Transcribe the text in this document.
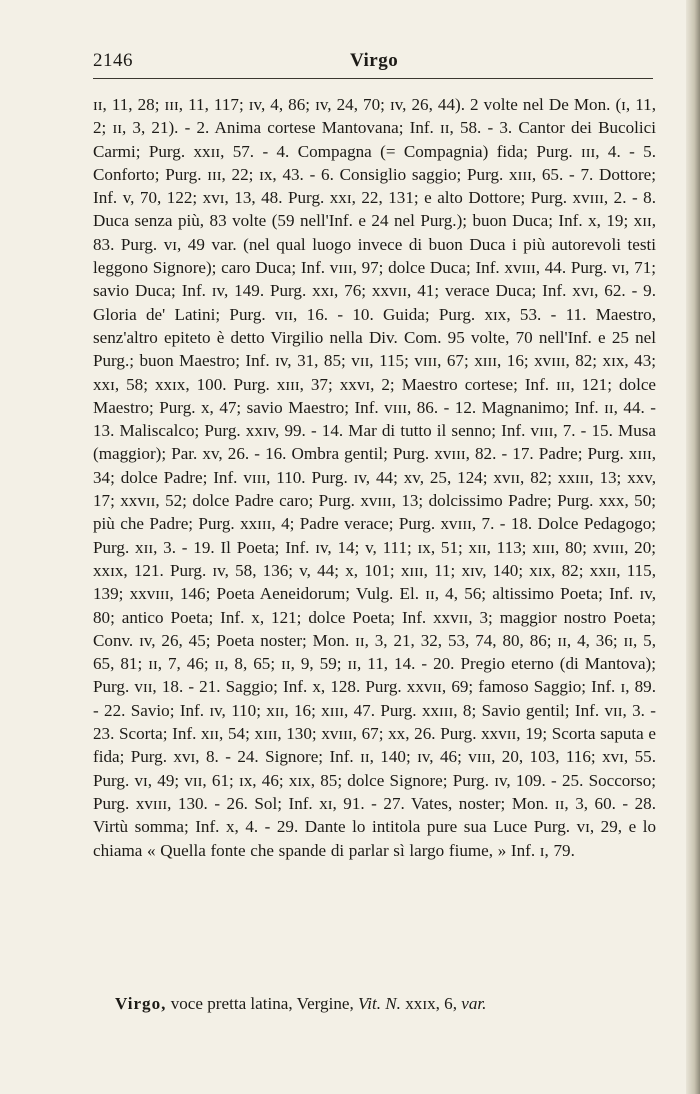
2146	Virgo

ɪɪ, 11, 28; ɪɪɪ, 11, 117; ɪv, 4, 86; ɪv, 24, 70; ɪv, 26, 44). 2 volte nel De Mon. (ɪ, 11, 2; ɪɪ, 3, 21). - 2. Anima cortese Mantovana; Inf. ɪɪ, 58. - 3. Cantor dei Bucolici Carmi; Purg. xxɪɪ, 57. - 4. Compagna (= Compagnia) fida; Purg. ɪɪɪ, 4. - 5. Conforto; Purg. ɪɪɪ, 22; ɪx, 43. - 6. Consiglio saggio; Purg. xɪɪɪ, 65. - 7. Dottore; Inf. v, 70, 122; xvɪ, 13, 48. Purg. xxɪ, 22, 131; e alto Dottore; Purg. xvɪɪɪ, 2. - 8. Duca senza più, 83 volte (59 nell'Inf. e 24 nel Purg.); buon Duca; Inf. x, 19; xɪɪ, 83. Purg. vɪ, 49 var. (nel qual luogo invece di buon Duca i più autorevoli testi leggono Signore); caro Duca; Inf. vɪɪɪ, 97; dolce Duca; Inf. xvɪɪɪ, 44. Purg. vɪ, 71; savio Duca; Inf. ɪv, 149. Purg. xxɪ, 76; xxvɪɪ, 41; verace Duca; Inf. xvɪ, 62. - 9. Gloria de' Latini; Purg. vɪɪ, 16. - 10. Guida; Purg. xɪx, 53. - 11. Maestro, senz'altro epiteto è detto Virgilio nella Div. Com. 95 volte, 70 nell'Inf. e 25 nel Purg.; buon Maestro; Inf. ɪv, 31, 85; vɪɪ, 115; vɪɪɪ, 67; xɪɪɪ, 16; xvɪɪɪ, 82; xɪx, 43; xxɪ, 58; xxɪx, 100. Purg. xɪɪɪ, 37; xxvɪ, 2; Maestro cortese; Inf. ɪɪɪ, 121; dolce Maestro; Purg. x, 47; savio Maestro; Inf. vɪɪɪ, 86. - 12. Magnanimo; Inf. ɪɪ, 44. - 13. Maliscalco; Purg. xxɪv, 99. - 14. Mar di tutto il senno; Inf. vɪɪɪ, 7. - 15. Musa (maggior); Par. xv, 26. - 16. Ombra gentil; Purg. xvɪɪɪ, 82. - 17. Padre; Purg. xɪɪɪ, 34; dolce Padre; Inf. vɪɪɪ, 110. Purg. ɪv, 44; xv, 25, 124; xvɪɪ, 82; xxɪɪɪ, 13; xxv, 17; xxvɪɪ, 52; dolce Padre caro; Purg. xvɪɪɪ, 13; dolcissimo Padre; Purg. xxx, 50; più che Padre; Purg. xxɪɪɪ, 4; Padre verace; Purg. xvɪɪɪ, 7. - 18. Dolce Pedagogo; Purg. xɪɪ, 3. - 19. Il Poeta; Inf. ɪv, 14; v, 111; ɪx, 51; xɪɪ, 113; xɪɪɪ, 80; xvɪɪɪ, 20; xxɪx, 121. Purg. ɪv, 58, 136; v, 44; x, 101; xɪɪɪ, 11; xɪv, 140; xɪx, 82; xxɪɪ, 115, 139; xxvɪɪɪ, 146; Poeta Aeneidorum; Vulg. El. ɪɪ, 4, 56; altissimo Poeta; Inf. ɪv, 80; antico Poeta; Inf. x, 121; dolce Poeta; Inf. xxvɪɪ, 3; maggior nostro Poeta; Conv. ɪv, 26, 45; Poeta noster; Mon. ɪɪ, 3, 21, 32, 53, 74, 80, 86; ɪɪ, 4, 36; ɪɪ, 5, 65, 81; ɪɪ, 7, 46; ɪɪ, 8, 65; ɪɪ, 9, 59; ɪɪ, 11, 14. - 20. Pregio eterno (di Mantova); Purg. vɪɪ, 18. - 21. Saggio; Inf. x, 128. Purg. xxvɪɪ, 69; famoso Saggio; Inf. ɪ, 89. - 22. Savio; Inf. ɪv, 110; xɪɪ, 16; xɪɪɪ, 47. Purg. xxɪɪɪ, 8; Savio gentil; Inf. vɪɪ, 3. - 23. Scorta; Inf. xɪɪ, 54; xɪɪɪ, 130; xvɪɪɪ, 67; xx, 26. Purg. xxvɪɪ, 19; Scorta saputa e fida; Purg. xvɪ, 8. - 24. Signore; Inf. ɪɪ, 140; ɪv, 46; vɪɪɪ, 20, 103, 116; xvɪ, 55. Purg. vɪ, 49; vɪɪ, 61; ɪx, 46; xɪx, 85; dolce Signore; Purg. ɪv, 109. - 25. Soccorso; Purg. xvɪɪɪ, 130. - 26. Sol; Inf. xɪ, 91. - 27. Vates, noster; Mon. ɪɪ, 3, 60. - 28. Virtù somma; Inf. x, 4. - 29. Dante lo intitola pure sua Luce Purg. vɪ, 29, e lo chiama « Quella fonte che spande di parlar sì largo fiume, » Inf. ɪ, 79.

Virgo, voce pretta latina, Vergine, Vit. N. xxɪx, 6, var.
